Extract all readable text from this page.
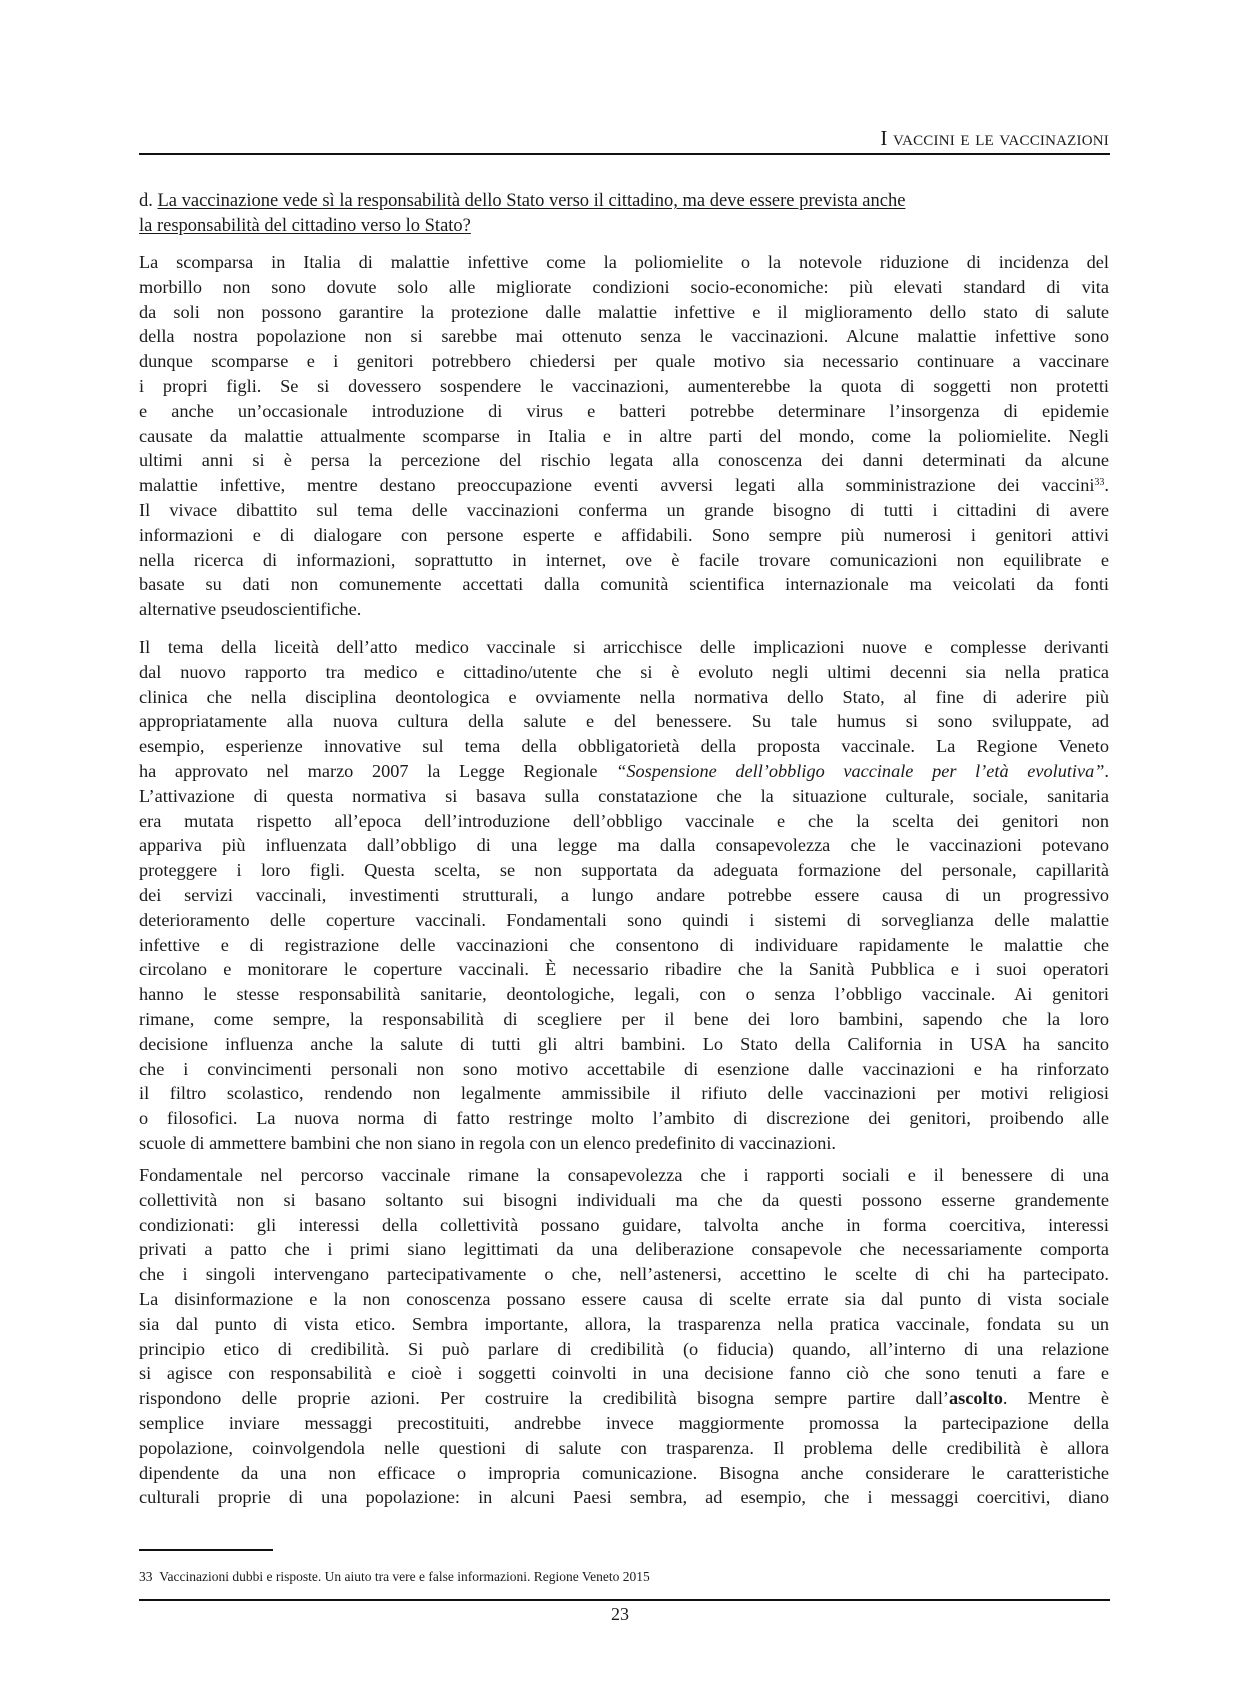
I vaccini e le vaccinazioni
d. La vaccinazione vede sì la responsabilità dello Stato verso il cittadino, ma deve essere prevista anche
la responsabilità del cittadino verso lo Stato?
La scomparsa in Italia di malattie infettive come la poliomielite o la notevole riduzione di incidenza del
morbillo non sono dovute solo alle migliorate condizioni socio-economiche: più elevati standard di vita
da soli non possono garantire la protezione dalle malattie infettive e il miglioramento dello stato di salute
della nostra popolazione non si sarebbe mai ottenuto senza le vaccinazioni. Alcune malattie infettive sono
dunque scomparse e i genitori potrebbero chiedersi per quale motivo sia necessario continuare a vaccinare
i propri figli. Se si dovessero sospendere le vaccinazioni, aumenterebbe la quota di soggetti non protetti
e anche un’occasionale introduzione di virus e batteri potrebbe determinare l’insorgenza di epidemie
causate da malattie attualmente scomparse in Italia e in altre parti del mondo, come la poliomielite. Negli
ultimi anni si è persa la percezione del rischio legata alla conoscenza dei danni determinati da alcune
malattie infettive, mentre destano preoccupazione eventi avversi legati alla somministrazione dei vaccini$^{33}$.
Il vivace dibattito sul tema delle vaccinazioni conferma un grande bisogno di tutti i cittadini di avere
informazioni e di dialogare con persone esperte e affidabili. Sono sempre più numerosi i genitori attivi
nella ricerca di informazioni, soprattutto in internet, ove è facile trovare comunicazioni non equilibrate e
basate su dati non comunemente accettati dalla comunità scientifica internazionale ma veicolati da fonti
alternative pseudoscientifiche.
Il tema della liceità dell’atto medico vaccinale si arricchisce delle implicazioni nuove e complesse derivanti
dal nuovo rapporto tra medico e cittadino/utente che si è evoluto negli ultimi decenni sia nella pratica
clinica che nella disciplina deontologica e ovviamente nella normativa dello Stato, al fine di aderire più
appropriatamente alla nuova cultura della salute e del benessere. Su tale humus si sono sviluppate, ad
esempio, esperienze innovative sul tema della obbligatorietà della proposta vaccinale. La Regione Veneto
ha approvato nel marzo 2007 la Legge Regionale “Sospensione dell’obbligo vaccinale per l’età evolutiva”.
L’attivazione di questa normativa si basava sulla constatazione che la situazione culturale, sociale, sanitaria
era mutata rispetto all’epoca dell’introduzione dell’obbligo vaccinale e che la scelta dei genitori non
appariva più influenzata dall’obbligo di una legge ma dalla consapevolezza che le vaccinazioni potevano
proteggere i loro figli. Questa scelta, se non supportata da adeguata formazione del personale, capillarità
dei servizi vaccinali, investimenti strutturali, a lungo andare potrebbe essere causa di un progressivo
deterioramento delle coperture vaccinali. Fondamentali sono quindi i sistemi di sorveglianza delle malattie
infettive e di registrazione delle vaccinazioni che consentono di individuare rapidamente le malattie che
circolano e monitorare le coperture vaccinali. È necessario ribadire che la Sanità Pubblica e i suoi operatori
hanno le stesse responsabilità sanitarie, deontologiche, legali, con o senza l’obbligo vaccinale. Ai genitori
rimane, come sempre, la responsabilità di scegliere per il bene dei loro bambini, sapendo che la loro
decisione influenza anche la salute di tutti gli altri bambini. Lo Stato della California in USA ha sancito
che i convincimenti personali non sono motivo accettabile di esenzione dalle vaccinazioni e ha rinforzato
il filtro scolastico, rendendo non legalmente ammissibile il rifiuto delle vaccinazioni per motivi religiosi
o filosofici. La nuova norma di fatto restringe molto l’ambito di discrezione dei genitori, proibendo alle
scuole di ammettere bambini che non siano in regola con un elenco predefinito di vaccinazioni.
Fondamentale nel percorso vaccinale rimane la consapevolezza che i rapporti sociali e il benessere di una
collettività non si basano soltanto sui bisogni individuali ma che da questi possono esserne grandemente
condizionati: gli interessi della collettività possano guidare, talvolta anche in forma coercitiva, interessi
privati a patto che i primi siano legittimati da una deliberazione consapevole che necessariamente comporta
che i singoli intervengano partecipativamente o che, nell’astenersi, accettino le scelte di chi ha partecipato.
La disinformazione e la non conoscenza possano essere causa di scelte errate sia dal punto di vista sociale
sia dal punto di vista etico. Sembra importante, allora, la trasparenza nella pratica vaccinale, fondata su un
principio etico di credibilità. Si può parlare di credibilità (o fiducia) quando, all’interno di una relazione
si agisce con responsabilità e cioè i soggetti coinvolti in una decisione fanno ciò che sono tenuti a fare e
rispondono delle proprie azioni. Per costruire la credibilità bisogna sempre partire dall’ascolto. Mentre è
semplice inviare messaggi precostituiti, andrebbe invece maggiormente promossa la partecipazione della
popolazione, coinvolgendola nelle questioni di salute con trasparenza. Il problema delle credibilità è allora
dipendente da una non efficace o impropria comunicazione. Bisogna anche considerare le caratteristiche
culturali proprie di una popolazione: in alcuni Paesi sembra, ad esempio, che i messaggi coercitivi, diano
33 Vaccinazioni dubbi e risposte. Un aiuto tra vere e false informazioni. Regione Veneto 2015
23
